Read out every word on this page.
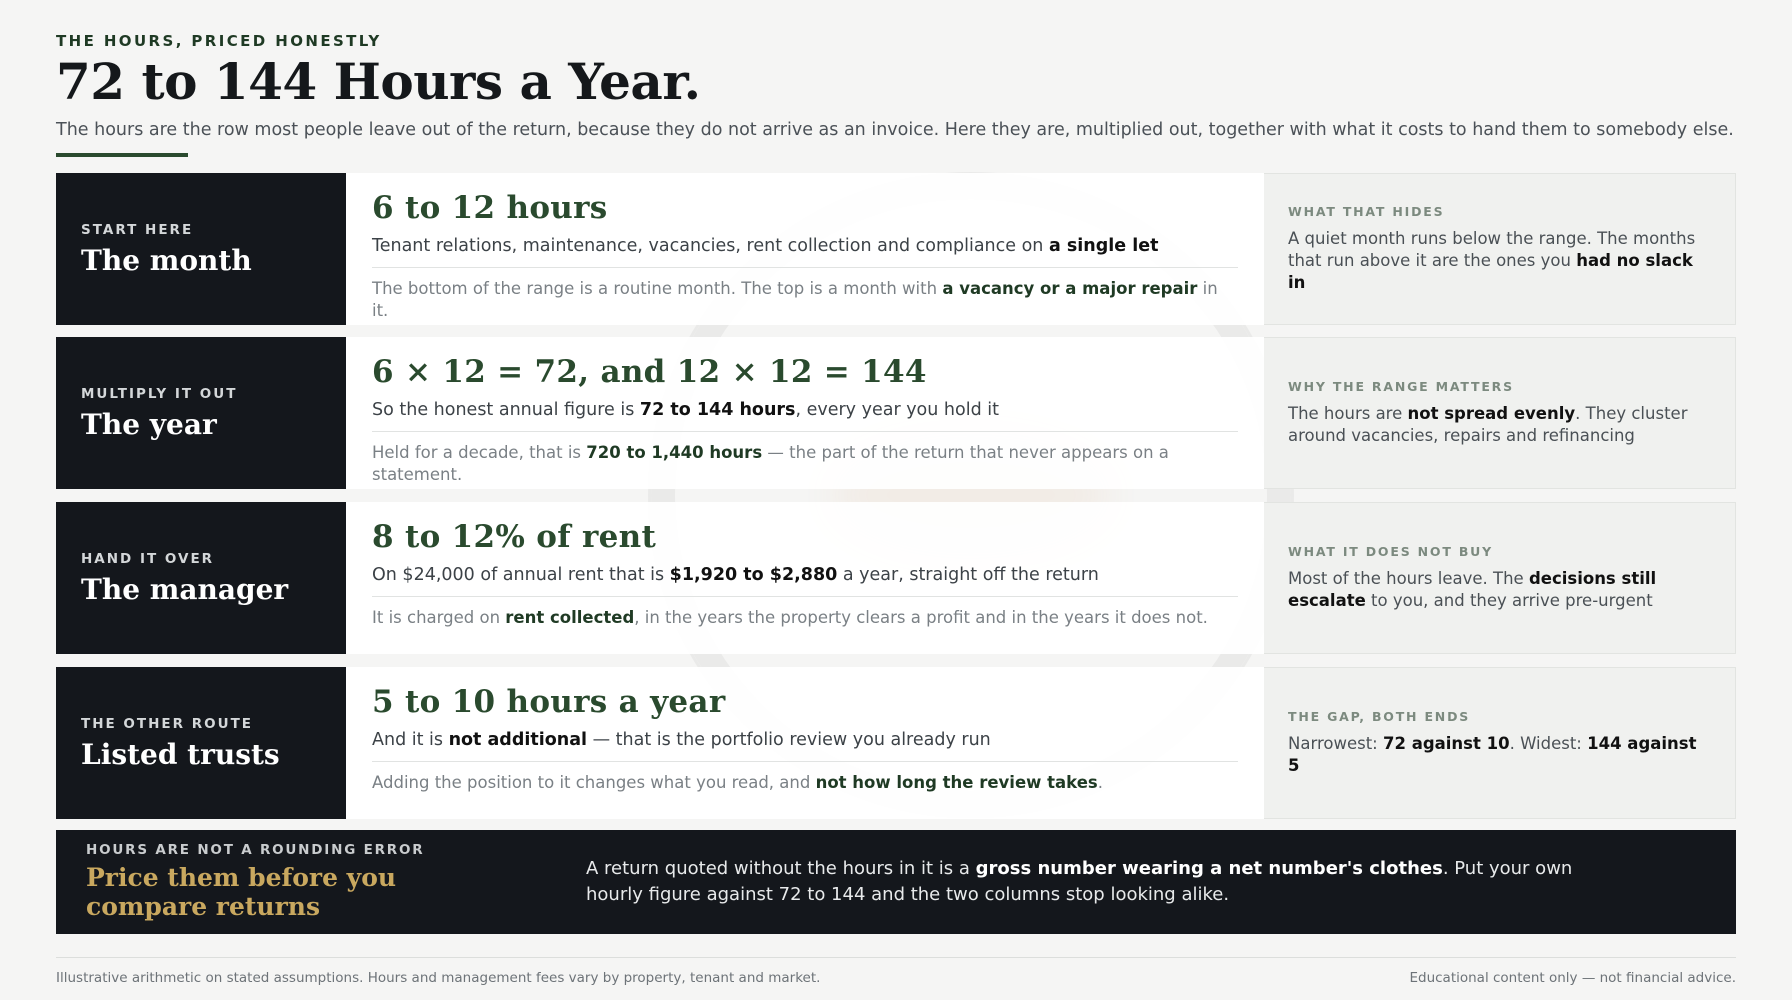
THE HOURS, PRICED HONESTLY
72 to 144 Hours a Year.
The hours are the row most people leave out of the return, because they do not arrive as an invoice. Here they are, multiplied out, together with what it costs to hand them to somebody else.
START HERE
The month
6 to 12 hours
Tenant relations, maintenance, vacancies, rent collection and compliance on a single let
The bottom of the range is a routine month. The top is a month with a vacancy or a major repair in it.
WHAT THAT HIDES
A quiet month runs below the range. The months that run above it are the ones you had no slack in
MULTIPLY IT OUT
The year
6 × 12 = 72, and 12 × 12 = 144
So the honest annual figure is 72 to 144 hours, every year you hold it
Held for a decade, that is 720 to 1,440 hours — the part of the return that never appears on a statement.
WHY THE RANGE MATTERS
The hours are not spread evenly. They cluster around vacancies, repairs and refinancing
HAND IT OVER
The manager
8 to 12% of rent
On $24,000 of annual rent that is $1,920 to $2,880 a year, straight off the return
It is charged on rent collected, in the years the property clears a profit and in the years it does not.
WHAT IT DOES NOT BUY
Most of the hours leave. The decisions still escalate to you, and they arrive pre-urgent
THE OTHER ROUTE
Listed trusts
5 to 10 hours a year
And it is not additional — that is the portfolio review you already run
Adding the position to it changes what you read, and not how long the review takes.
THE GAP, BOTH ENDS
Narrowest: 72 against 10. Widest: 144 against 5
HOURS ARE NOT A ROUNDING ERROR
Price them before you compare returns
A return quoted without the hours in it is a gross number wearing a net number's clothes. Put your own hourly figure against 72 to 144 and the two columns stop looking alike.
Illustrative arithmetic on stated assumptions. Hours and management fees vary by property, tenant and market.	Educational content only — not financial advice.
